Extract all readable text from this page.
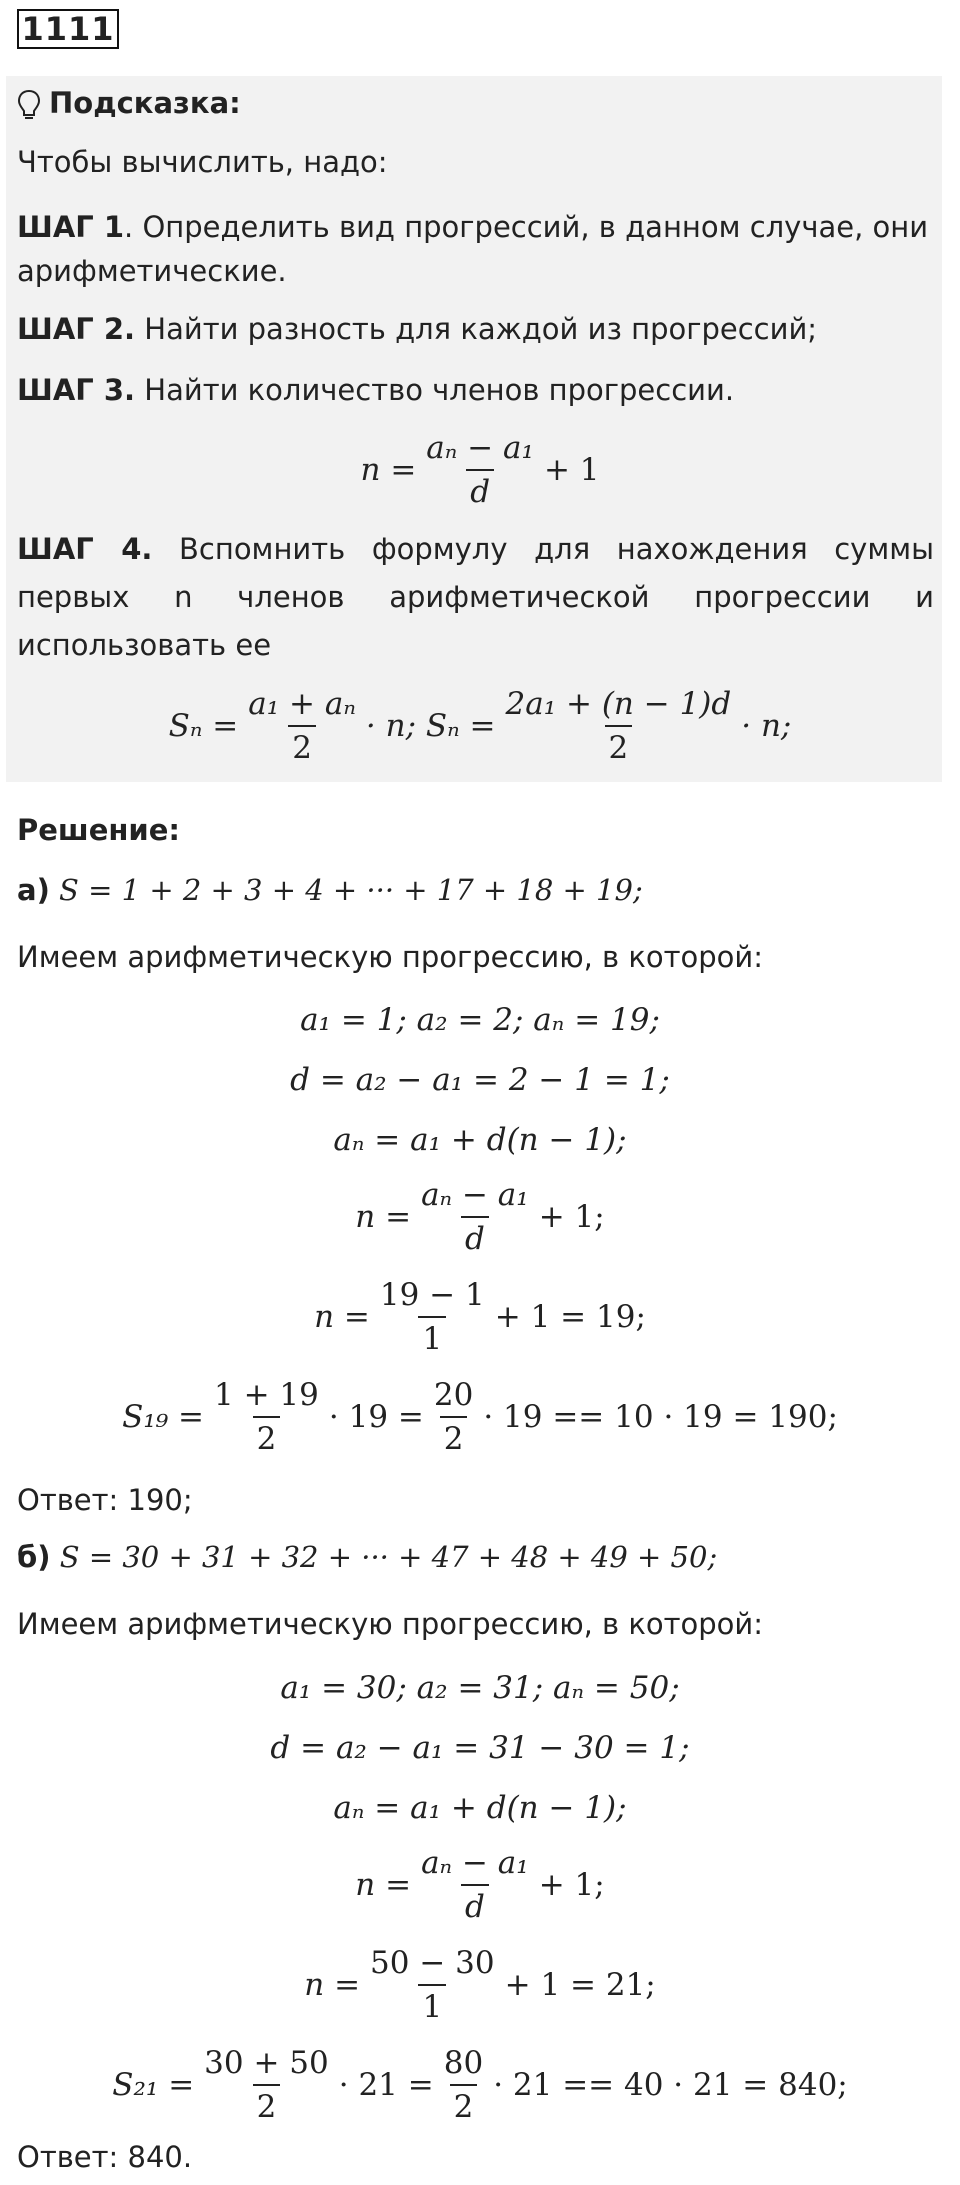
1111
Подсказка:
Чтобы вычислить, надо:
ШАГ 1. Определить вид прогрессий, в данном случае, они арифметические.
ШАГ 2. Найти разность для каждой из прогрессий;
ШАГ 3. Найти количество членов прогрессии.
$n = \frac{\text{aₙ − a₁}}{d} + 1$
ШАГ 4. Вспомнить формулу для нахождения суммы первых n членов арифметической прогрессии и использовать ее
$S_n = \frac{\text{a₁ + aₙ}}{2} \cdot n$; $S_n = \frac{\text{2a₁ + (n − 1)d}}{2} \cdot n$;
Решение:
а) S = 1 + 2 + 3 + 4 + ··· + 17 + 18 + 19;
Имеем арифметическую прогрессию, в которой:
a₁ = 1; a₂ = 2; aₙ = 19;
d = a₂ − a₁ = 2 − 1 = 1;
aₙ = a₁ + d(n − 1);
$n = \frac{\text{aₙ − a₁}}{d} + 1$;
$n = \frac{19 - 1}{1} + 1 = 19$;
$S_{19} = \frac{1 + 19}{2} \cdot 19 = \frac{20}{2} \cdot 19 == 10 \cdot 19 = 190$;
Ответ: 190;
б) S = 30 + 31 + 32 + ··· + 47 + 48 + 49 + 50;
Имеем арифметическую прогрессию, в которой:
a₁ = 30; a₂ = 31; aₙ = 50;
d = a₂ − a₁ = 31 − 30 = 1;
aₙ = a₁ + d(n − 1);
$n = \frac{\text{aₙ − a₁}}{d} + 1$;
$n = \frac{50 - 30}{1} + 1 = 21$;
$S_{21} = \frac{30 + 50}{2} \cdot 21 = \frac{80}{2} \cdot 21 == 40 \cdot 21 = 840$;
Ответ: 840.
